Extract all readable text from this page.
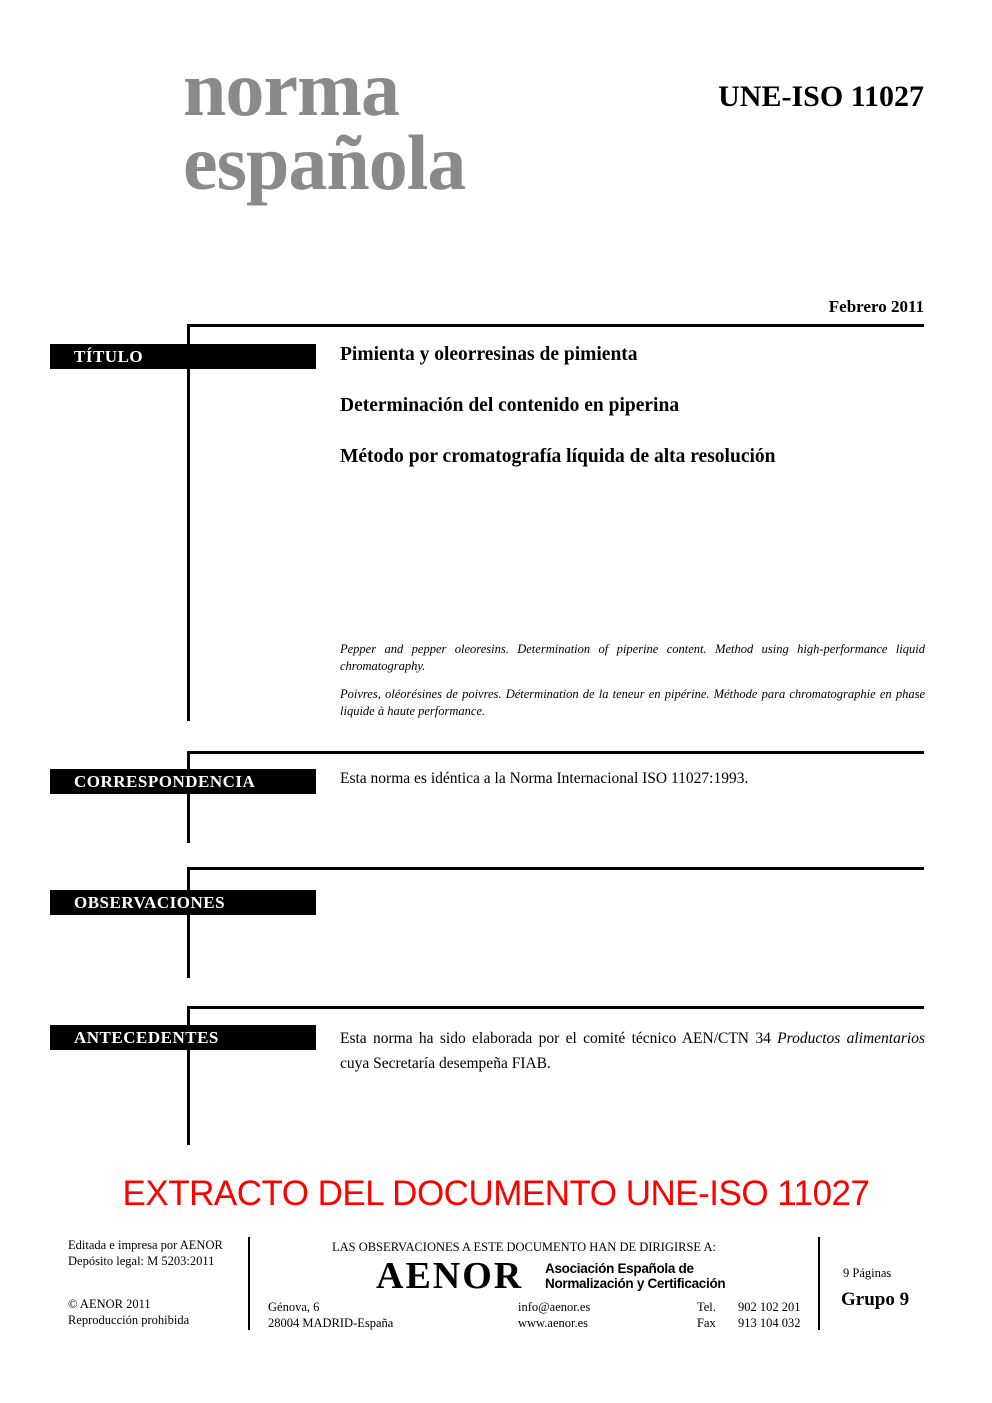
norma
española
UNE-ISO 11027
Febrero 2011
TÍTULO
CORRESPONDENCIA
OBSERVACIONES
ANTECEDENTES
Pimienta y oleorresinas de pimienta
Determinación del contenido en piperina
Método por cromatografía líquida de alta resolución
Pepper and pepper oleoresins. Determination of piperine content. Method using high-performance liquid chromatography.
Poivres, oléorésines de poivres. Détermination de la teneur en pipérine. Méthode para chromatographie en phase liquide à haute performance.
Esta norma es idéntica a la Norma Internacional ISO 11027:1993.
Esta norma ha sido elaborada por el comité técnico AEN/CTN 34 Productos alimentarios cuya Secretaría desempeña FIAB.
EXTRACTO DEL DOCUMENTO UNE-ISO 11027
Editada e impresa por AENOR
Depósito legal: M 5203:2011
© AENOR 2011
Reproducción prohibida
LAS OBSERVACIONES A ESTE DOCUMENTO HAN DE DIRIGIRSE A:
AENOR Asociación Española de
Normalización y Certificación
Génova, 6
28004 MADRID-España
info@aenor.es
www.aenor.es
Tel.
Fax
902 102 201
913 104 032
9 Páginas
Grupo 9
